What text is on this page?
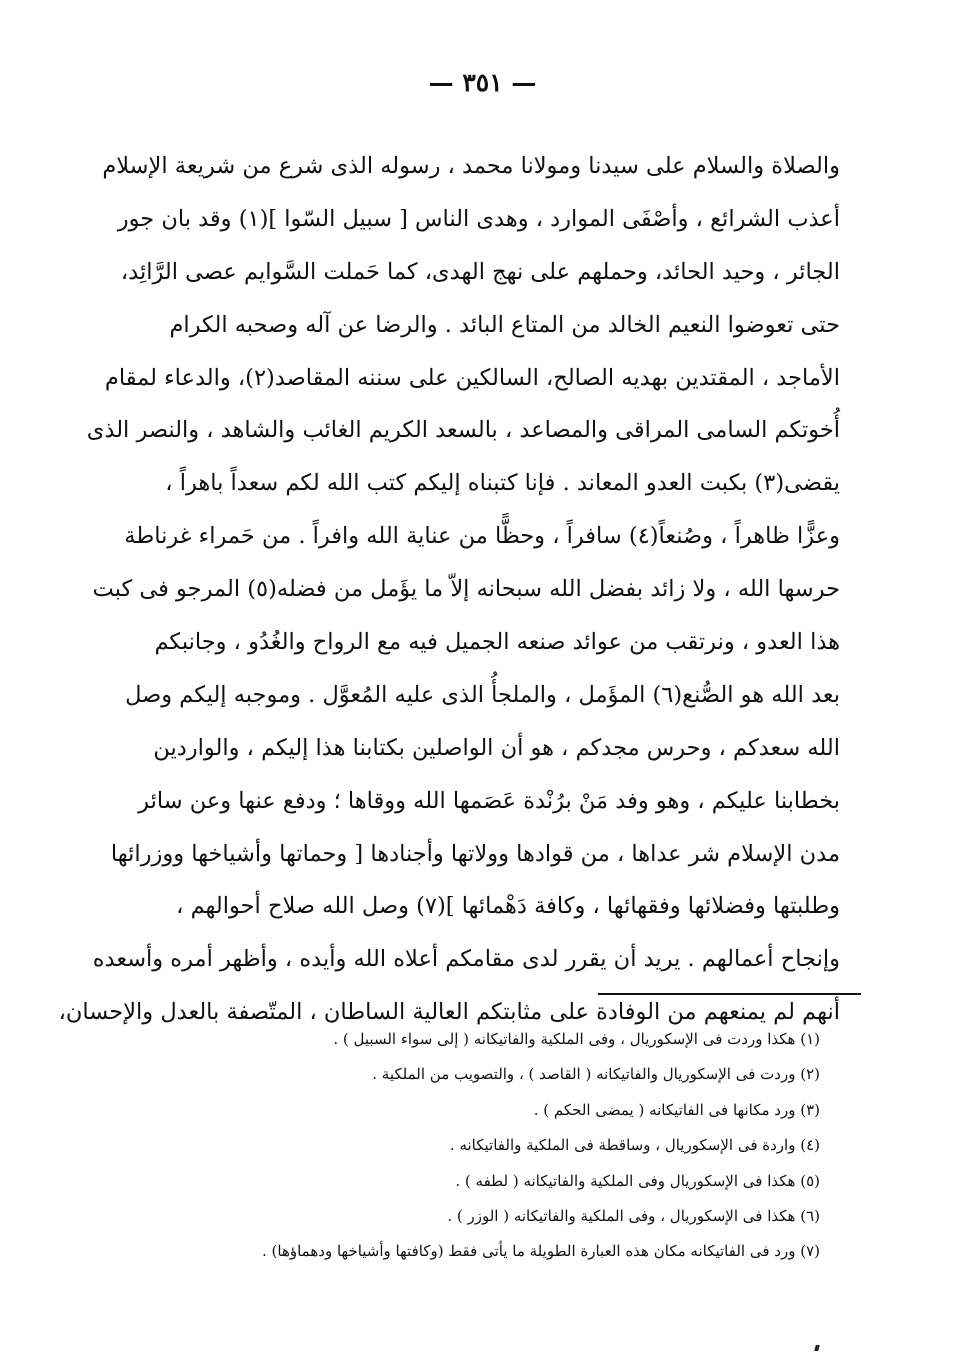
— ٣٥١ —
والصلاة والسلام على سيدنا ومولانا محمد ، رسوله الذى شرع من شريعة الإسلام
أعذب الشرائع ، وأصْفَى الموارد ، وهدى الناس [ سبيل السّوا ](١) وقد بان جور
الجائر ، وحيد الحائد، وحملهم على نهج الهدى، كما حَملت السَّوايم عصى الرَّائِد،
حتى تعوضوا النعيم الخالد من المتاع البائد . والرضا عن آله وصحبه الكرام
الأماجد ، المقتدين بهديه الصالح، السالكين على سننه المقاصد(٢)، والدعاء لمقام
أُخوتكم السامى المراقى والمصاعد ، بالسعد الكريم الغائب والشاهد ، والنصر الذى
يقضى(٣) بكبت العدو المعاند . فإنا كتبناه إليكم كتب الله لكم سعداً باهراً ،
وعزًّا ظاهراً ، وصُنعاً(٤) سافراً ، وحظًّا من عناية الله وافراً . من حَمراء غرناطة
حرسها الله ، ولا زائد بفضل الله سبحانه إلاّ ما يؤَمل من فضله(٥) المرجو فى كبت
هذا العدو ، ونرتقب من عوائد صنعه الجميل فيه مع الرواح والغُدُو ، وجانبكم
بعد الله هو الصُّنع(٦) المؤَمل ، والملجأُ الذى عليه المُعوَّل . وموجبه إليكم وصل
الله سعدكم ، وحرس مجدكم ، هو أن الواصلين بكتابنا هذا إليكم ، والواردين
بخطابنا عليكم ، وهو وفد مَنْ برُنْدة عَصَمها الله ووقاها ؛ ودفع عنها وعن سائر
مدن الإسلام شر عداها ، من قوادها وولاتها وأجنادها [ وحماتها وأشياخها ووزرائها
وطلبتها وفضلائها وفقهائها ، وكافة دَهْمائها ](٧) وصل الله صلاح أحوالهم ،
وإنجاح أعمالهم . يريد أن يقرر لدى مقامكم أعلاه الله وأيده ، وأظهر أمره وأسعده
أنهم لم يمنعهم من الوفادة على مثابتكم العالية الساطان ، المتّصفة بالعدل والإحسان،
(١) هكذا وردت فى الإسكوريال ، وفى الملكية والفاتيكانه ( إلى سواء السبيل ) .
(٢) وردت فى الإسكوريال والفاتيكانه ( القاصد ) ، والتصويب من الملكية .
(٣) ورد مكانها فى الفاتيكانه ( يمضى الحكم ) .
(٤) واردة فى الإسكوريال ، وساقطة فى الملكية والفاتيكانه .
(٥) هكذا فى الإسكوريال وفى الملكية والفاتيكانه ( لطفه ) .
(٦) هكذا فى الإسكوريال ، وفى الملكية والفاتيكانه ( الوزر ) .
(٧) ورد فى الفاتيكانه مكان هذه العبارة الطويلة ما يأتى فقط (وكافتها وأشياخها ودهماؤها) .
